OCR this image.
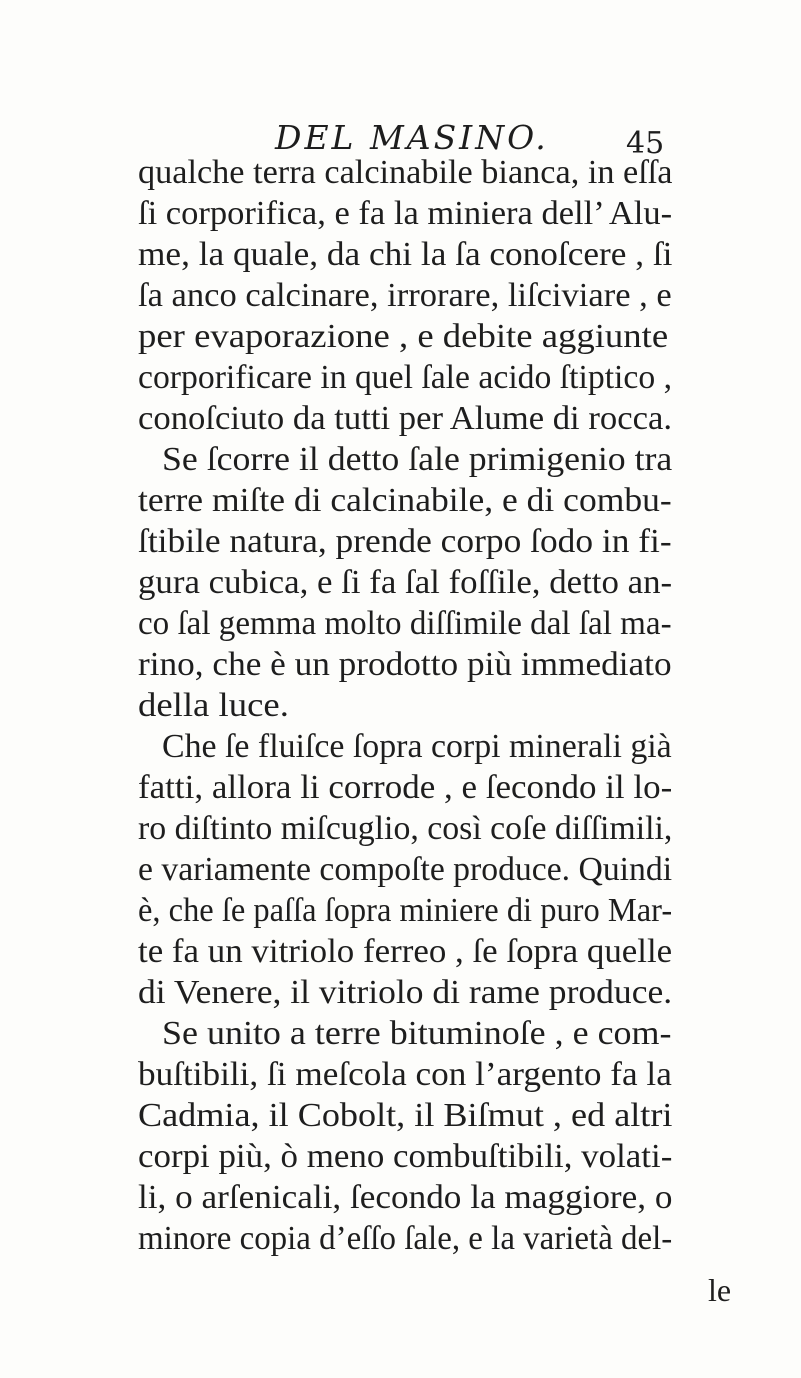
DEL MASINO.	45
qualche terra calcinabile bianca, in eſſa
ſi corporifica, e fa la miniera dell’ Alu-
me, la quale, da chi la ſa conoſcere , ſi
ſa anco calcinare, irrorare, liſciviare , e
per evaporazione , e debite aggiunte
corporificare in quel ſale acido ſtiptico ,
conoſciuto da tutti per Alume di rocca.
Se ſcorre il detto ſale primigenio tra
terre miſte di calcinabile, e di combu-
ſtibile natura, prende corpo ſodo in fi-
gura cubica, e ſi fa ſal foſſile, detto an-
co ſal gemma molto diſſimile dal ſal ma-
rino, che è un prodotto più immediato
della luce.
Che ſe fluiſce ſopra corpi minerali già
fatti, allora li corrode , e ſecondo il lo-
ro diſtinto miſcuglio, così coſe diſſimili,
e variamente compoſte produce. Quindi
è, che ſe paſſa ſopra miniere di puro Mar-
te fa un vitriolo ferreo , ſe ſopra quelle
di Venere, il vitriolo di rame produce.
Se unito a terre bituminoſe , e com-
buſtibili, ſi meſcola con l’argento fa la
Cadmia, il Cobolt, il Biſmut , ed altri
corpi più, ò meno combuſtibili, volati-
li, o arſenicali, ſecondo la maggiore, o
minore copia d’eſſo ſale, e la varietà del-
le
